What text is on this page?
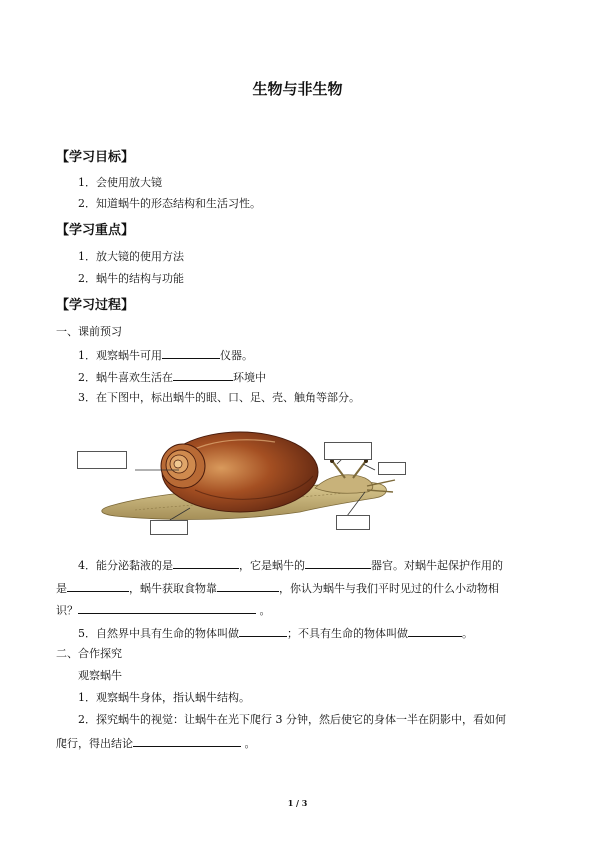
生物与非生物
【学习目标】
1．会使用放大镜
2．知道蜗牛的形态结构和生活习性。
【学习重点】
1．放大镜的使用方法
2．蜗牛的结构与功能
【学习过程】
一、课前预习
1．观察蜗牛可用	仪器。
2．蜗牛喜欢生活在	环境中
3．在下图中，标出蜗牛的眼、口、足、壳、触角等部分。
4．能分泌黏液的是	，它是蜗牛的	器官。对蜗牛起保护作用的
是	，蜗牛获取食物靠	，你认为蜗牛与我们平时见过的什么小动物相
识？	。
5．自然界中具有生命的物体叫做	；不具有生命的物体叫做	。
二、合作探究
观察蜗牛
1．观察蜗牛身体，指认蜗牛结构。
2．探究蜗牛的视觉：让蜗牛在光下爬行 3 分钟，然后使它的身体一半在阴影中，看如何
爬行，得出结论	。
1 / 3
